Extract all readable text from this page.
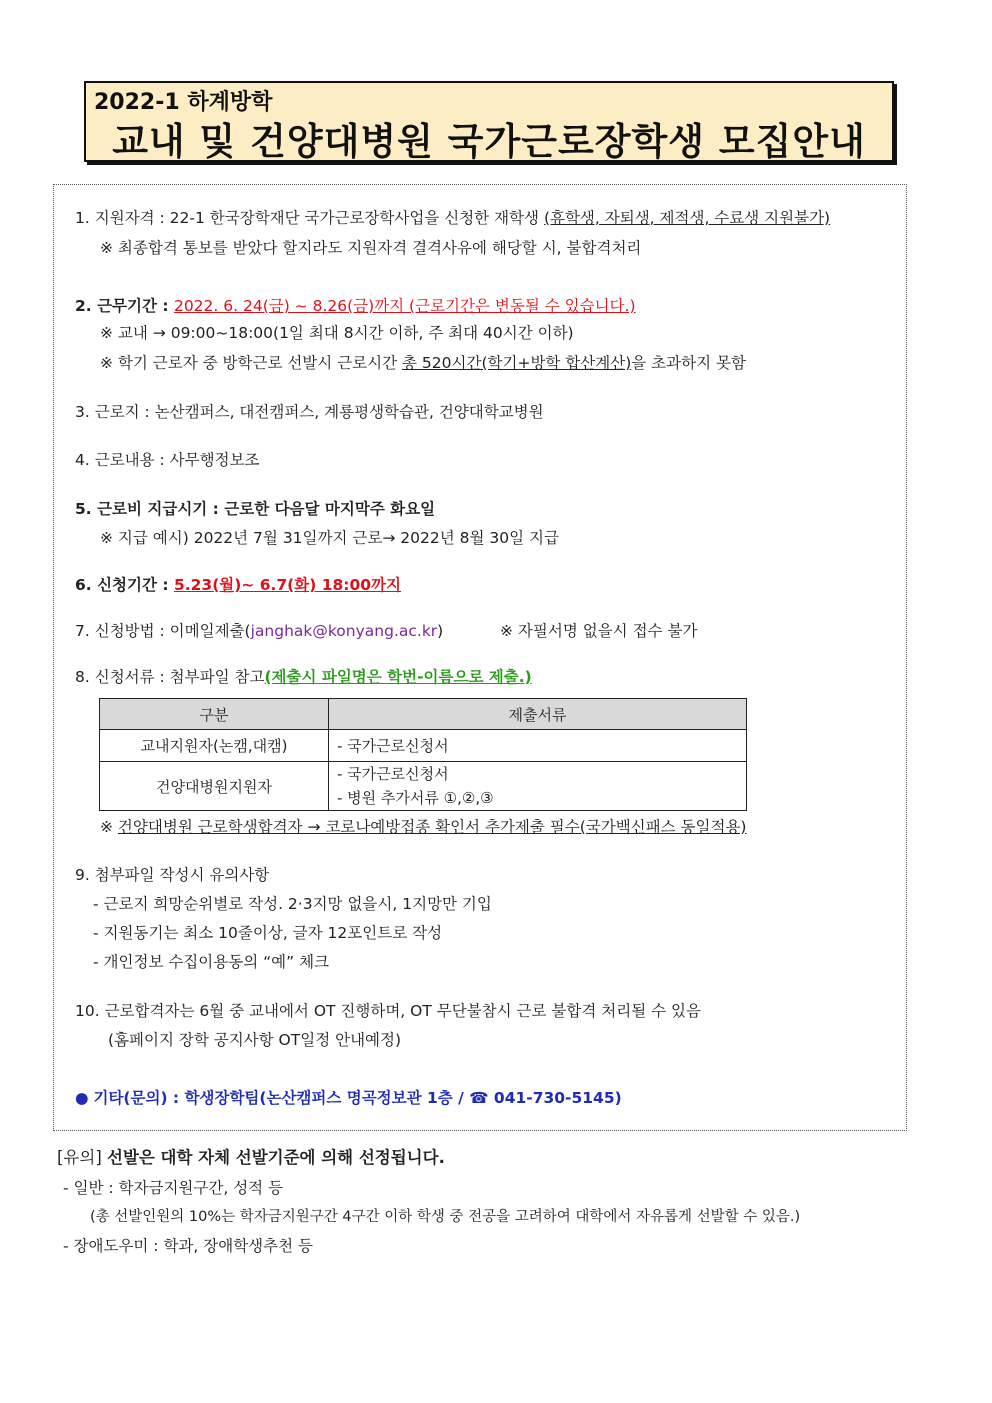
2022-1 하계방학
교내 및 건양대병원 국가근로장학생 모집안내
1. 지원자격 : 22-1 한국장학재단 국가근로장학사업을 신청한 재학생 (휴학생, 자퇴생, 제적생, 수료생 지원불가)
※ 최종합격 통보를 받았다 할지라도 지원자격 결격사유에 해당할 시, 불합격처리
2. 근무기간 : 2022. 6. 24(금) ~ 8.26(금)까지 (근로기간은 변동될 수 있습니다.)
※ 교내 → 09:00~18:00(1일 최대 8시간 이하, 주 최대 40시간 이하)
※ 학기 근로자 중 방학근로 선발시 근로시간 총 520시간(학기+방학 합산계산)을 초과하지 못함
3. 근로지 : 논산캠퍼스, 대전캠퍼스, 계룡평생학습관, 건양대학교병원
4. 근로내용 : 사무행정보조
5. 근로비 지급시기 : 근로한 다음달 마지막주 화요일
※ 지급 예시) 2022년 7월 31일까지 근로→ 2022년 8월 30일 지급
6. 신청기간 : 5.23(월)~ 6.7(화) 18:00까지
7. 신청방법 : 이메일제출(janghak@konyang.ac.kr)	※ 자필서명 없을시 접수 불가
8. 신청서류 : 첨부파일 참고(제출시 파일명은 학번-이름으로 제출.)
구분	제출서류
교내지원자(논캠,대캠)	- 국가근로신청서
건양대병원지원자	- 국가근로신청서
- 병원 추가서류 ①,②,③
※ 건양대병원 근로학생합격자 → 코로나예방접종 확인서 추가제출 필수(국가백신패스 동일적용)
9. 첨부파일 작성시 유의사항
- 근로지 희망순위별로 작성. 2·3지망 없을시, 1지망만 기입
- 지원동기는 최소 10줄이상, 글자 12포인트로 작성
- 개인정보 수집이용동의 “예” 체크
10. 근로합격자는 6월 중 교내에서 OT 진행하며, OT 무단불참시 근로 불합격 처리될 수 있음
(홈페이지 장학 공지사항 OT일정 안내예정)
● 기타(문의) : 학생장학팀(논산캠퍼스 명곡정보관 1층 / ☎ 041-730-5145)
[유의] 선발은 대학 자체 선발기준에 의해 선정됩니다.
- 일반 : 학자금지원구간, 성적 등
(총 선발인원의 10%는 학자금지원구간 4구간 이하 학생 중 전공을 고려하여 대학에서 자유롭게 선발할 수 있음.)
- 장애도우미 : 학과, 장애학생추천 등
